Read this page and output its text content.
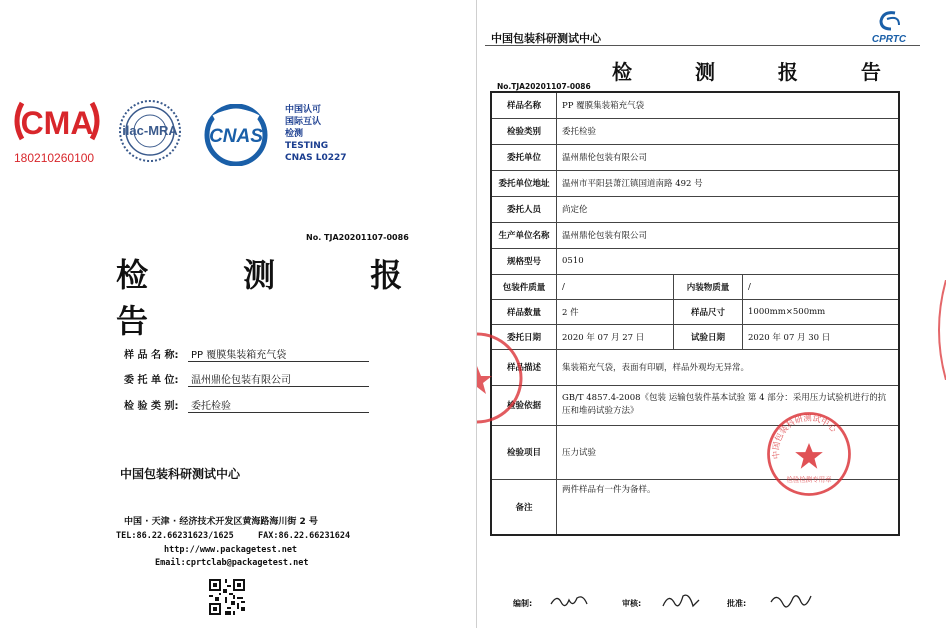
CMA
180210260100
ilac-MRA CNAS
中国认可
国际互认
检测
TESTING
CNAS L0227
No. TJA20201107-0086
检 测 报 告
样 品 名 称: PP 覆膜集装箱充气袋
委 托 单 位: 温州鼎伦包装有限公司
检 验 类 别: 委托检验
中国包装科研测试中心
中国 · 天津 · 经济技术开发区黄海路海川街 2 号
TEL:86.22.66231623/1625	FAX:86.22.66231624
http://www.packagetest.net
Email:cprtclab@packagetest.net
中国包装科研测试中心	CPRTC
检 测 报 告
No.TJA20201107-0086
样品名称	PP 覆膜集装箱充气袋		
检验类别	委托检验		
委托单位	温州鼎伦包装有限公司		
委托单位地址	温州市平阳县萧江镇国道南路 492 号		
委托人员	尚定伦		
生产单位名称	温州鼎伦包装有限公司		
规格型号	0510		
包装件质量	/	内装物质量	/
样品数量	2 件	样品尺寸	1000mm×500mm
委托日期	2020 年 07 月 27 日	试验日期	2020 年 07 月 30 日
样品描述	集装箱充气袋，表面有印刷，样品外观均无异常。		
检验依据	GB/T 4857.4-2008《包装 运输包装件基本试验 第 4 部分：采用压力试验机进行的抗压和堆码试验方法》		
检验项目	压力试验		
备注	两件样品有一件为备样。		
中国包装科研测试中心
检验检测专用章
编制:	审核:	批准:
